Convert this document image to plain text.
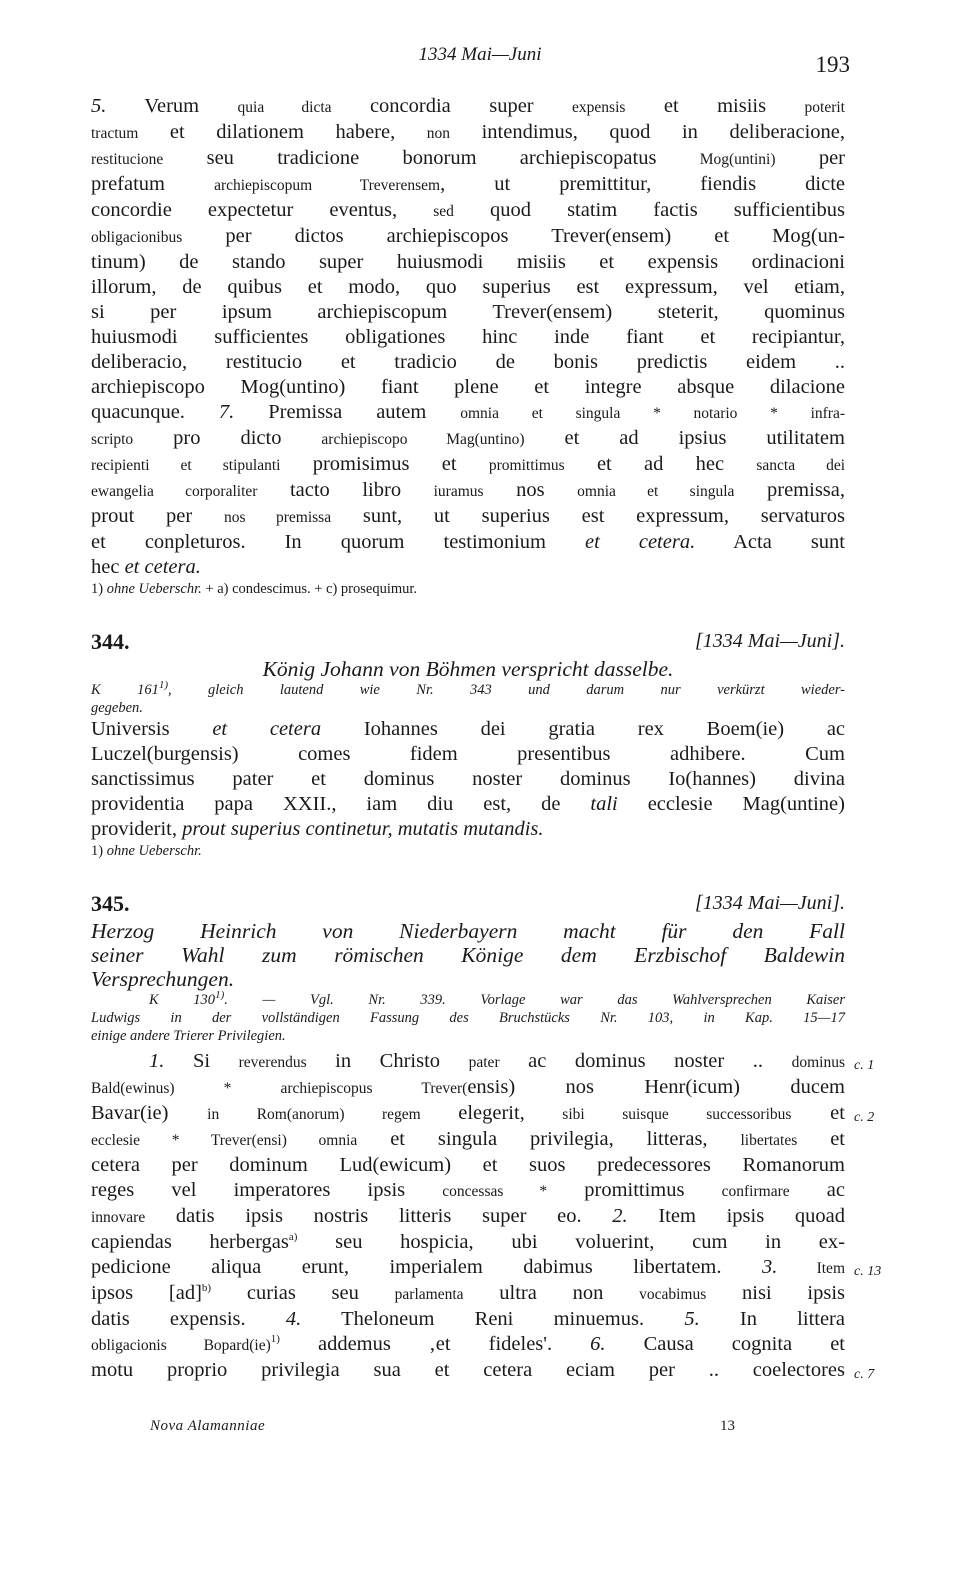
1334 Mai—Juni	193
5. Verum quia dicta concordia super expensis et misiis poterit
tractum et dilationem habere, non intendimus, quod in deliberacione,
restitucione seu tradicione bonorum archiepiscopatus Mog(untini) per
prefatum archiepiscopum Treverensem, ut premittitur, fiendis dicte
concordie expectetur eventus, sed quod statim factis sufficientibus
obligacionibus per dictos archiepiscopos Trever(ensem) et Mog(un-
tinum) de stando super huiusmodi misiis et expensis ordinacioni
illorum, de quibus et modo, quo superius est expressum, vel etiam,
si per ipsum archiepiscopum Trever(ensem) steterit, quominus
huiusmodi sufficientes obligationes hinc inde fiant et recipiantur,
deliberacio, restitucio et tradicio de bonis predictis eidem ..
archiepiscopo Mog(untino) fiant plene et integre absque dilacione
quacunque. 7. Premissa autem omnia et singula * notario * infra-
scripto pro dicto archiepiscopo Mag(untino) et ad ipsius utilitatem
recipienti et stipulanti promisimus et promittimus et ad hec sancta dei
ewangelia corporaliter tacto libro iuramus nos omnia et singula premissa,
prout per nos premissa sunt, ut superius est expressum, servaturos
et conpleturos. In quorum testimonium et cetera. Acta sunt
hec et cetera.
1) ohne Ueberschr. + a) condescimus. + c) prosequimur.
344.	[1334 Mai—Juni].
König Johann von Böhmen verspricht dasselbe.
K 161$^{1)}$, gleich lautend wie Nr. 343 und darum nur verkürzt wieder-
gegeben.
Universis et cetera Iohannes dei gratia rex Boem(ie) ac
Luczel(burgensis) comes fidem presentibus adhibere. Cum
sanctissimus pater et dominus noster dominus Io(hannes) divina
providentia papa XXII., iam diu est, de tali ecclesie Mag(untine)
providerit, prout superius continetur, mutatis mutandis.
1) ohne Ueberschr.
345.	[1334 Mai—Juni].
Herzog Heinrich von Niederbayern macht für den Fall
seiner Wahl zum römischen Könige dem Erzbischof Baldewin
Versprechungen.
K 130$^{1)}$. — Vgl. Nr. 339. Vorlage war das Wahlversprechen Kaiser
Ludwigs in der vollständigen Fassung des Bruchstücks Nr. 103, in Kap. 15—17
einige andere Trierer Privilegien.
1. Si reverendus in Christo pater ac dominus noster .. dominus c. 1
Bald(ewinus) * archiepiscopus Trever(ensis) nos Henr(icum) ducem
Bavar(ie) in Rom(anorum) regem elegerit, sibi suisque successoribus et c. 2
ecclesie * Trever(ensi) omnia et singula privilegia, litteras, libertates et
cetera per dominum Lud(ewicum) et suos predecessores Romanorum
reges vel imperatores ipsis concessas * promittimus confirmare ac
innovare datis ipsis nostris litteris super eo. 2. Item ipsis quoad
capiendas herbergas$^{a)}$ seu hospicia, ubi voluerint, cum in ex-
pedicione aliqua erunt, imperialem dabimus libertatem. 3. Item c. 13
ipsos [ad]$^{b)}$ curias seu parlamenta ultra non vocabimus nisi ipsis
datis expensis. 4. Theloneum Reni minuemus. 5. In littera
obligacionis Bopard(ie)$^{1)}$ addemus ‚et fideles'. 6. Causa cognita et
motu proprio privilegia sua et cetera eciam per .. coelectores c. 7
Nova Alamanniae	13
